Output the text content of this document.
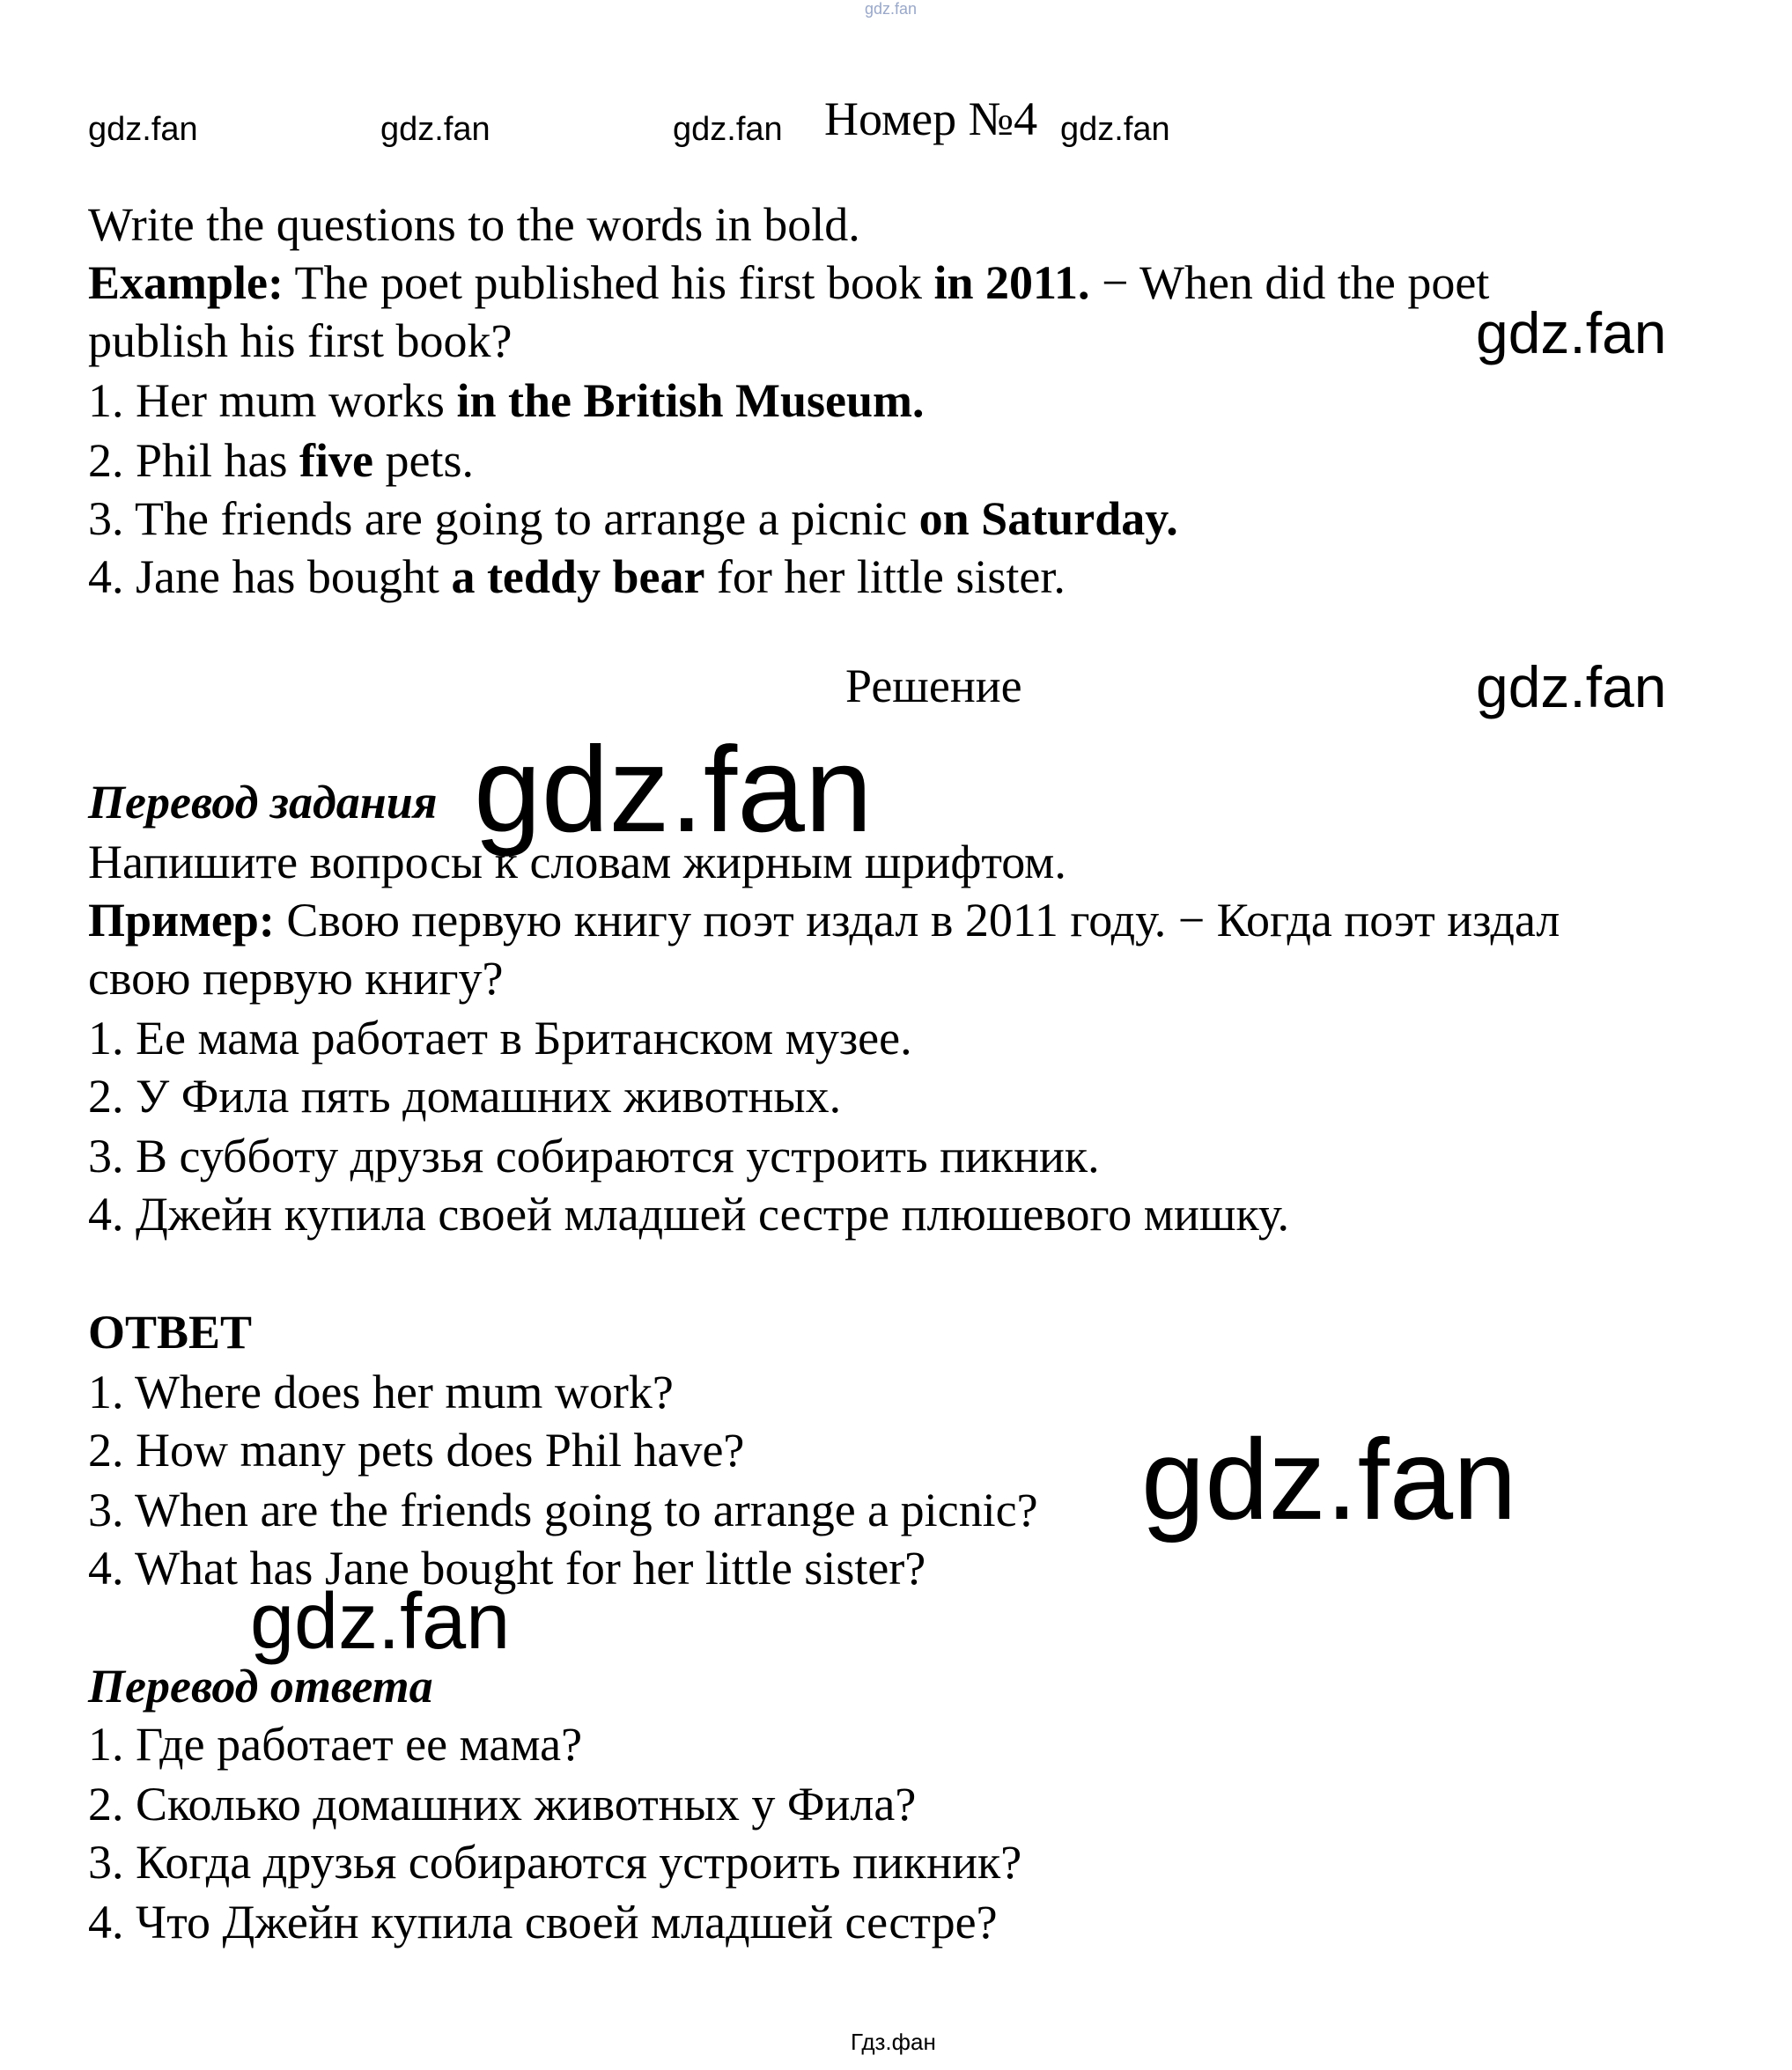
gdz.fan
gdz.fan	gdz.fan	gdz.fan Номер №4 gdz.fan
Write the questions to the words in bold.
Example: The poet published his first book in 2011. − When did the poet
publish his first book?	gdz.fan
1. Her mum works in the British Museum.
2. Phil has five pets.
3. The friends are going to arrange a picnic on Saturday.
4. Jane has bought a teddy bear for her little sister.
Решение	gdz.fan
Перевод задания gdz.fan
Напишите вопросы к словам жирным шрифтом.
Пример: Свою первую книгу поэт издал в 2011 году. − Когда поэт издал
свою первую книгу?
1. Ее мама работает в Британском музее.
2. У Фила пять домашних животных.
3. В субботу друзья собираются устроить пикник.
4. Джейн купила своей младшей сестре плюшевого мишку.
ОТВЕТ
1. Where does her mum work?
2. How many pets does Phil have?
3. When are the friends going to arrange a picnic?
4. What has Jane bought for her little sister?
gdz.fan
gdz.fan
Перевод ответа
1. Где работает ее мама?
2. Сколько домашних животных у Фила?
3. Когда друзья собираются устроить пикник?
4. Что Джейн купила своей младшей сестре?
Гдз.фан
